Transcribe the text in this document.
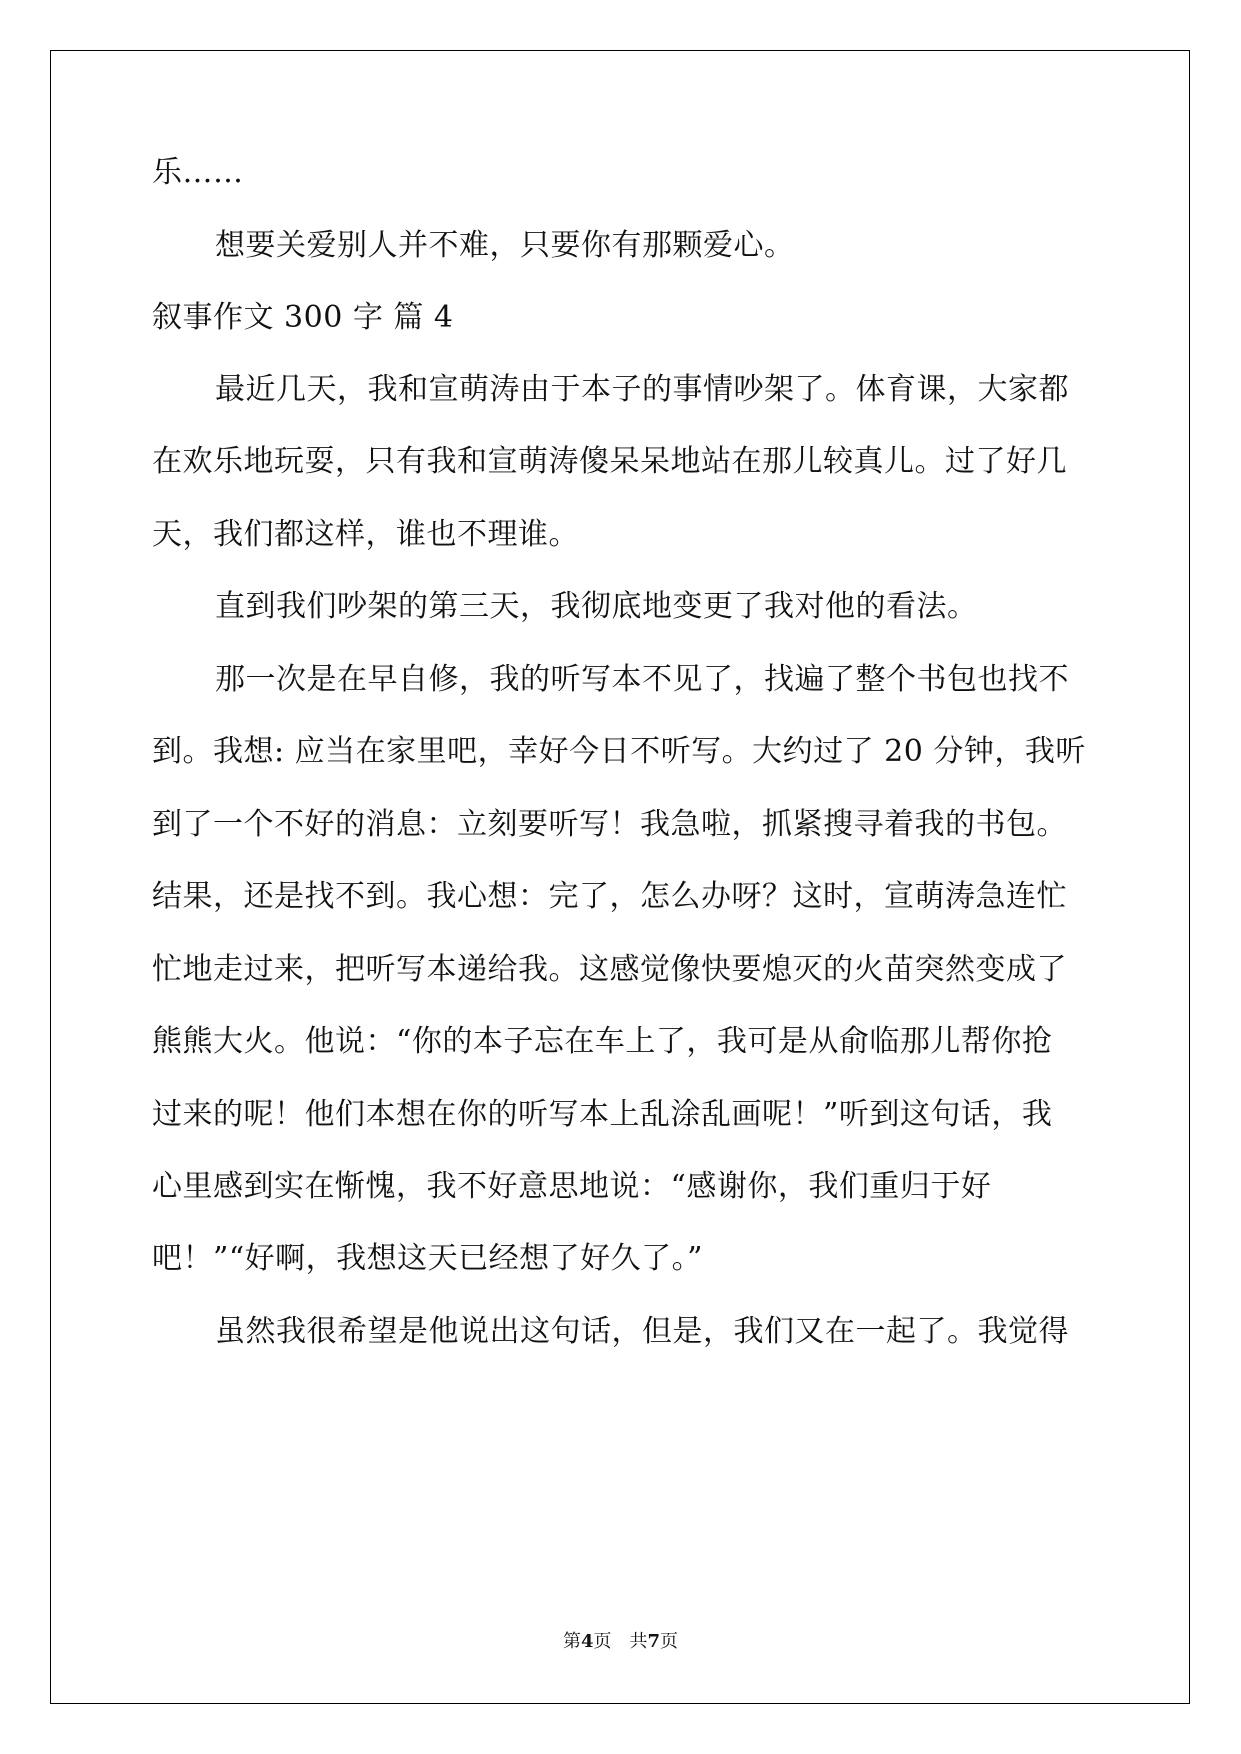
乐……
想要关爱别人并不难，只要你有那颗爱心。
叙事作文 300 字 篇 4
最近几天，我和宣萌涛由于本子的事情吵架了。体育课，大家都
在欢乐地玩耍，只有我和宣萌涛傻呆呆地站在那儿较真儿。过了好几
天，我们都这样，谁也不理谁。
直到我们吵架的第三天，我彻底地变更了我对他的看法。
那一次是在早自修，我的听写本不见了，找遍了整个书包也找不
到。我想: 应当在家里吧，幸好今日不听写。大约过了 20 分钟，我听
到了一个不好的消息：立刻要听写！我急啦，抓紧搜寻着我的书包。
结果，还是找不到。我心想：完了，怎么办呀？这时，宣萌涛急连忙
忙地走过来，把听写本递给我。这感觉像快要熄灭的火苗突然变成了
熊熊大火。他说：“你的本子忘在车上了，我可是从俞临那儿帮你抢
过来的呢！他们本想在你的听写本上乱涂乱画呢！”听到这句话，我
心里感到实在惭愧，我不好意思地说：“感谢你，我们重归于好
吧！”“好啊，我想这天已经想了好久了。”
虽然我很希望是他说出这句话，但是，我们又在一起了。我觉得
第4页 共7页
